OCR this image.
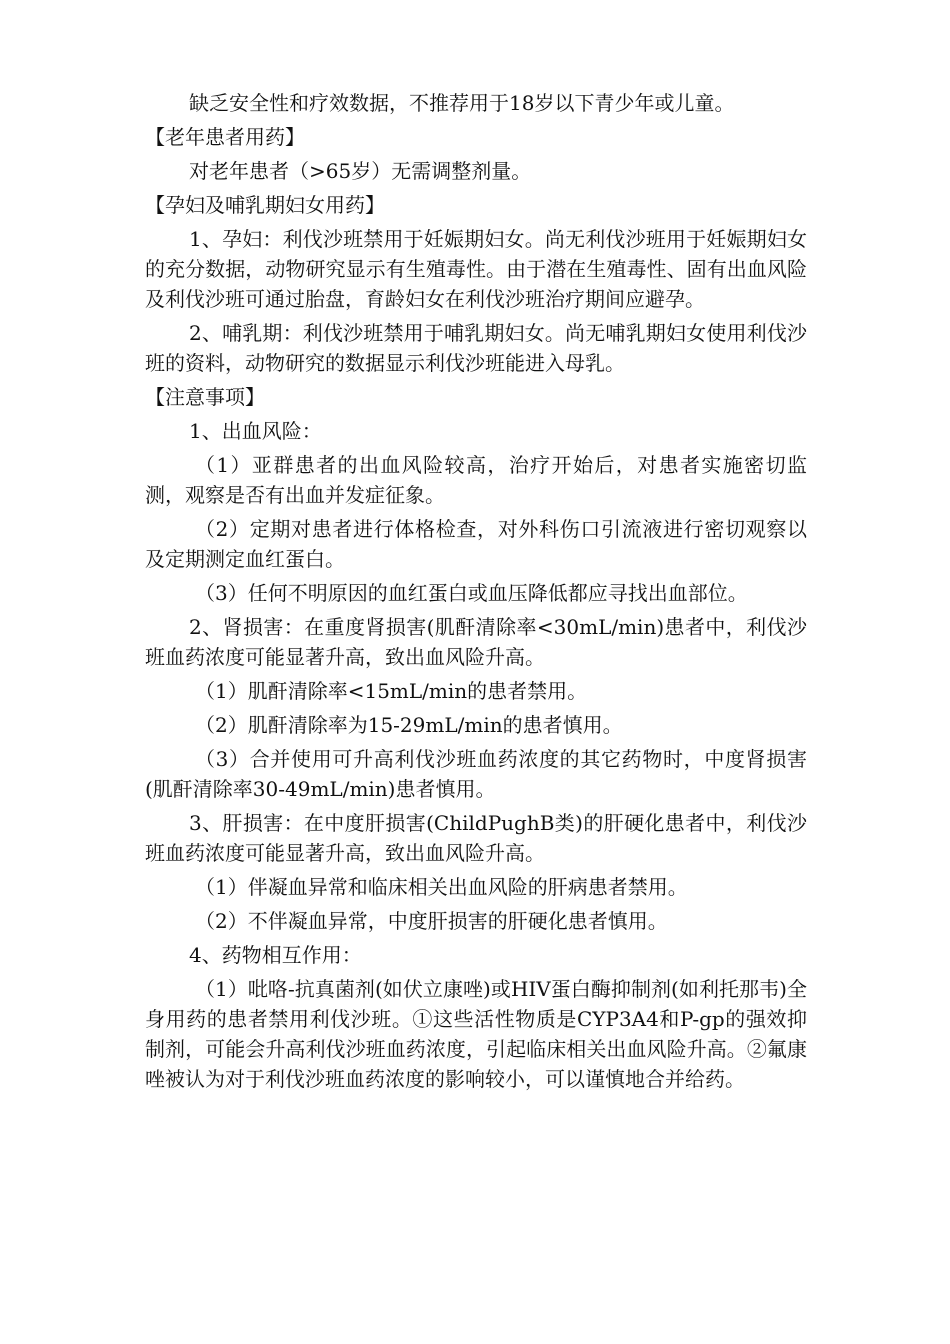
缺乏安全性和疗效数据，不推荐用于18岁以下青少年或儿童。

【老年患者用药】

对老年患者（>65岁）无需调整剂量。

【孕妇及哺乳期妇女用药】

1、孕妇：利伐沙班禁用于妊娠期妇女。尚无利伐沙班用于妊娠期妇女的充分数据，动物研究显示有生殖毒性。由于潜在生殖毒性、固有出血风险及利伐沙班可通过胎盘，育龄妇女在利伐沙班治疗期间应避孕。

2、哺乳期：利伐沙班禁用于哺乳期妇女。尚无哺乳期妇女使用利伐沙班的资料，动物研究的数据显示利伐沙班能进入母乳。

【注意事项】

1、出血风险：

（1）亚群患者的出血风险较高，治疗开始后，对患者实施密切监测，观察是否有出血并发症征象。

（2）定期对患者进行体格检查，对外科伤口引流液进行密切观察以及定期测定血红蛋白。

（3）任何不明原因的血红蛋白或血压降低都应寻找出血部位。

2、肾损害：在重度肾损害(肌酐清除率<30mL/min)患者中，利伐沙班血药浓度可能显著升高，致出血风险升高。

（1）肌酐清除率<15mL/min的患者禁用。

（2）肌酐清除率为15-29mL/min的患者慎用。

（3）合并使用可升高利伐沙班血药浓度的其它药物时，中度肾损害(肌酐清除率30-49mL/min)患者慎用。

3、肝损害：在中度肝损害(ChildPughB类)的肝硬化患者中，利伐沙班血药浓度可能显著升高，致出血风险升高。

（1）伴凝血异常和临床相关出血风险的肝病患者禁用。

（2）不伴凝血异常，中度肝损害的肝硬化患者慎用。

4、药物相互作用：

（1）吡咯-抗真菌剂(如伏立康唑)或HIV蛋白酶抑制剂(如利托那韦)全身用药的患者禁用利伐沙班。①这些活性物质是CYP3A4和P-gp的强效抑制剂，可能会升高利伐沙班血药浓度，引起临床相关出血风险升高。②氟康唑被认为对于利伐沙班血药浓度的影响较小，可以谨慎地合并给药。
